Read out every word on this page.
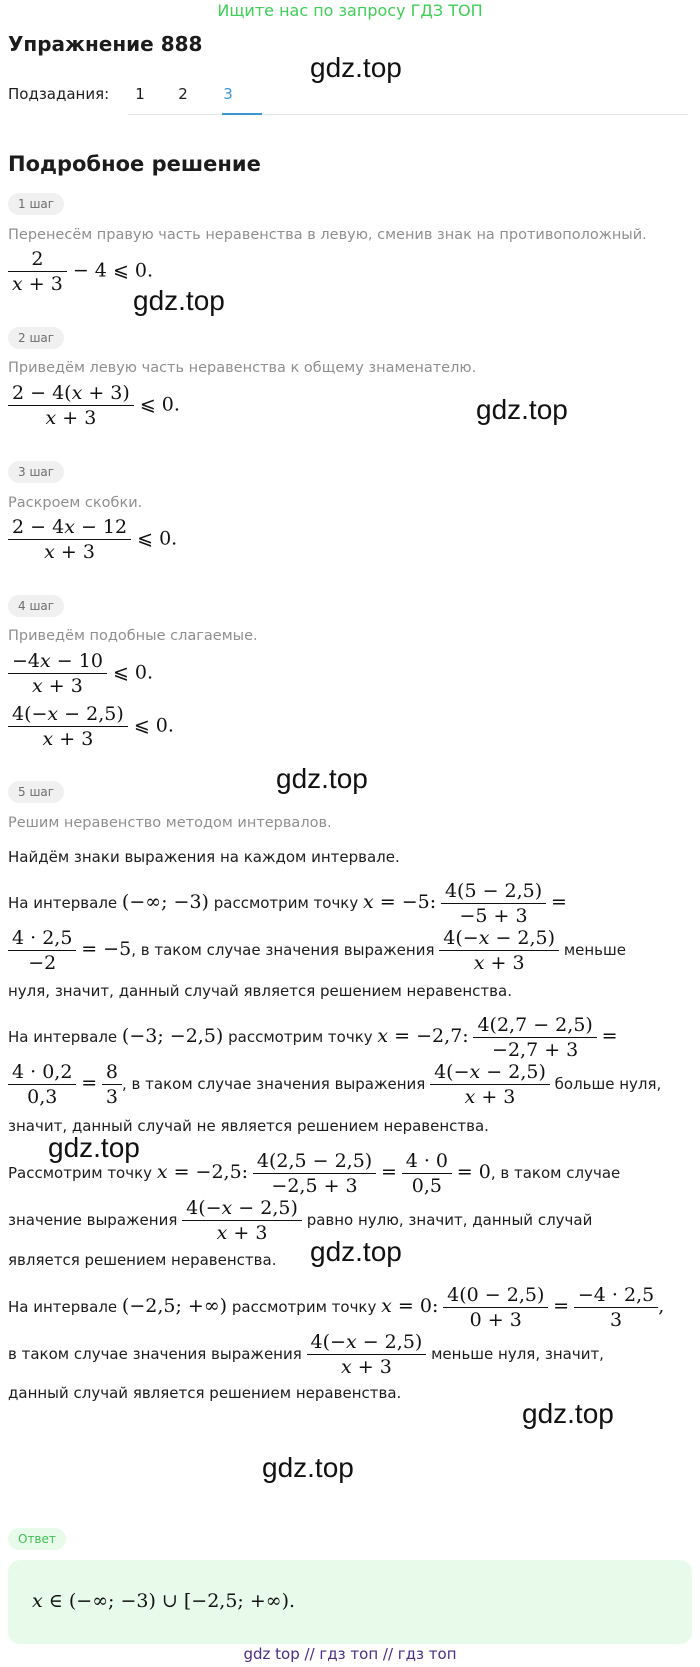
Ищите нас по запросу ГДЗ ТОП
Упражнение 888
Подзадания:	1	2	3
Подробное решение
gdz.top
gdz.top
gdz.top
gdz.top
gdz.top
gdz.top
gdz.top
gdz.top
1 шаг
Перенесём правую часть неравенства в левую, сменив знак на противоположный.
$\frac{2}{x + 3} - 4$ ⩽ 0.
2 шаг
Приведём левую часть неравенства к общему знаменателю.
$\frac{2 - 4(x + 3)}{x + 3}$ ⩽ 0.
3 шаг
Раскроем скобки.
$\frac{2 - 4x - 12}{x + 3}$ ⩽ 0.
4 шаг
Приведём подобные слагаемые.
$\frac{-4x - 10}{x + 3}$ ⩽ 0.
$\frac{4(-x - 2,5)}{x + 3}$ ⩽ 0.
5 шаг
Решим неравенство методом интервалов.
Найдём знаки выражения на каждом интервале.
На интервале (−∞; −3) рассмотрим точку x = −5: $\frac{4(5 - 2,5)}{-5 + 3}$ =
$\frac{4 \cdot 2,5}{-2} = -5$, в таком случае значения выражения $\frac{4(-x - 2,5)}{x + 3}$ меньше
нуля, значит, данный случай является решением неравенства.
На интервале (−3; −2,5) рассмотрим точку x = −2,7: $\frac{4(2,7 - 2,5)}{-2,7 + 3}$ =
$\frac{4 \cdot 0,2}{0,3} = \frac{8}{3}$ , в таком случае значения выражения $\frac{4(-x - 2,5)}{x + 3}$ больше нуля,
значит, данный случай не является решением неравенства.
Рассмотрим точку x = −2,5: $\frac{4(2,5 - 2,5)}{-2,5 + 3} = \frac{4 \cdot 0}{0,5} = 0$, в таком случае
значение выражения $\frac{4(-x - 2,5)}{x + 3}$ равно нулю, значит, данный случай
является решением неравенства.
На интервале (−2,5; +∞) рассмотрим точку x = 0: $\frac{4(0 - 2,5)}{0 + 3} = \frac{-4 \cdot 2,5}{3}$ ,
в таком случае значения выражения $\frac{4(-x - 2,5)}{x + 3}$ меньше нуля, значит,
данный случай является решением неравенства.
Ответ
x ∈ (−∞; −3) ∪ [−2,5; +∞).
gdz top // гдз топ // гдз топ
